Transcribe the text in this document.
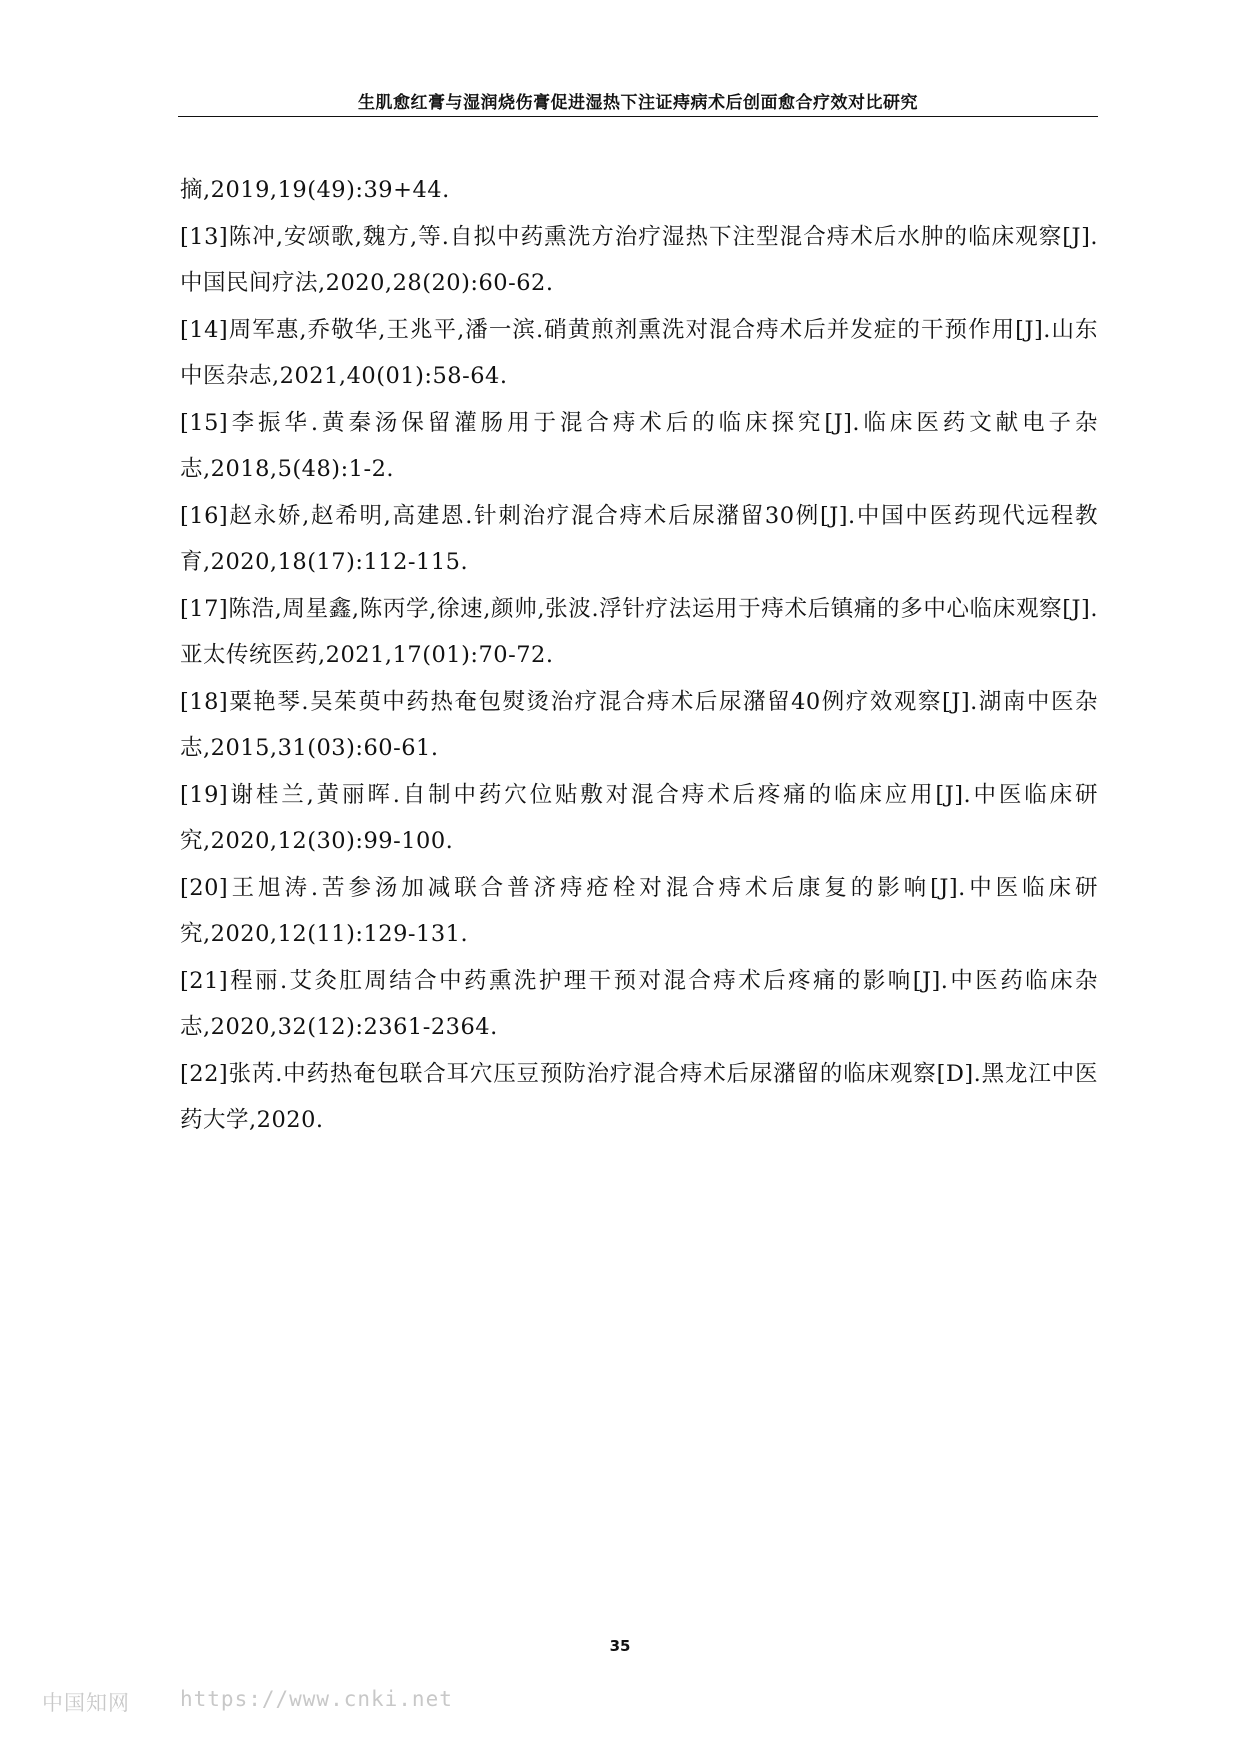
生肌愈红膏与湿润烧伤膏促进湿热下注证痔病术后创面愈合疗效对比研究

摘,2019,19(49):39+44.

[13]陈冲,安颂歌,魏方,等.自拟中药熏洗方治疗湿热下注型混合痔术后水肿的临床观察[J].中国民间疗法,2020,28(20):60-62.

[14]周军惠,乔敬华,王兆平,潘一滨.硝黄煎剂熏洗对混合痔术后并发症的干预作用[J].山东中医杂志,2021,40(01):58-64.

[15]李振华.黄秦汤保留灌肠用于混合痔术后的临床探究[J].临床医药文献电子杂志,2018,5(48):1-2.

[16]赵永娇,赵希明,高建恩.针刺治疗混合痔术后尿潴留30例[J].中国中医药现代远程教育,2020,18(17):112-115.

[17]陈浩,周星鑫,陈丙学,徐速,颜帅,张波.浮针疗法运用于痔术后镇痛的多中心临床观察[J].亚太传统医药,2021,17(01):70-72.

[18]粟艳琴.吴茱萸中药热奄包熨烫治疗混合痔术后尿潴留40例疗效观察[J].湖南中医杂志,2015,31(03):60-61.

[19]谢桂兰,黄丽晖.自制中药穴位贴敷对混合痔术后疼痛的临床应用[J].中医临床研究,2020,12(30):99-100.

[20]王旭涛.苦参汤加减联合普济痔疮栓对混合痔术后康复的影响[J].中医临床研究,2020,12(11):129-131.

[21]程丽.艾灸肛周结合中药熏洗护理干预对混合痔术后疼痛的影响[J].中医药临床杂志,2020,32(12):2361-2364.

[22]张芮.中药热奄包联合耳穴压豆预防治疗混合痔术后尿潴留的临床观察[D].黑龙江中医药大学,2020.

35
中国知网 https://www.cnki.net
